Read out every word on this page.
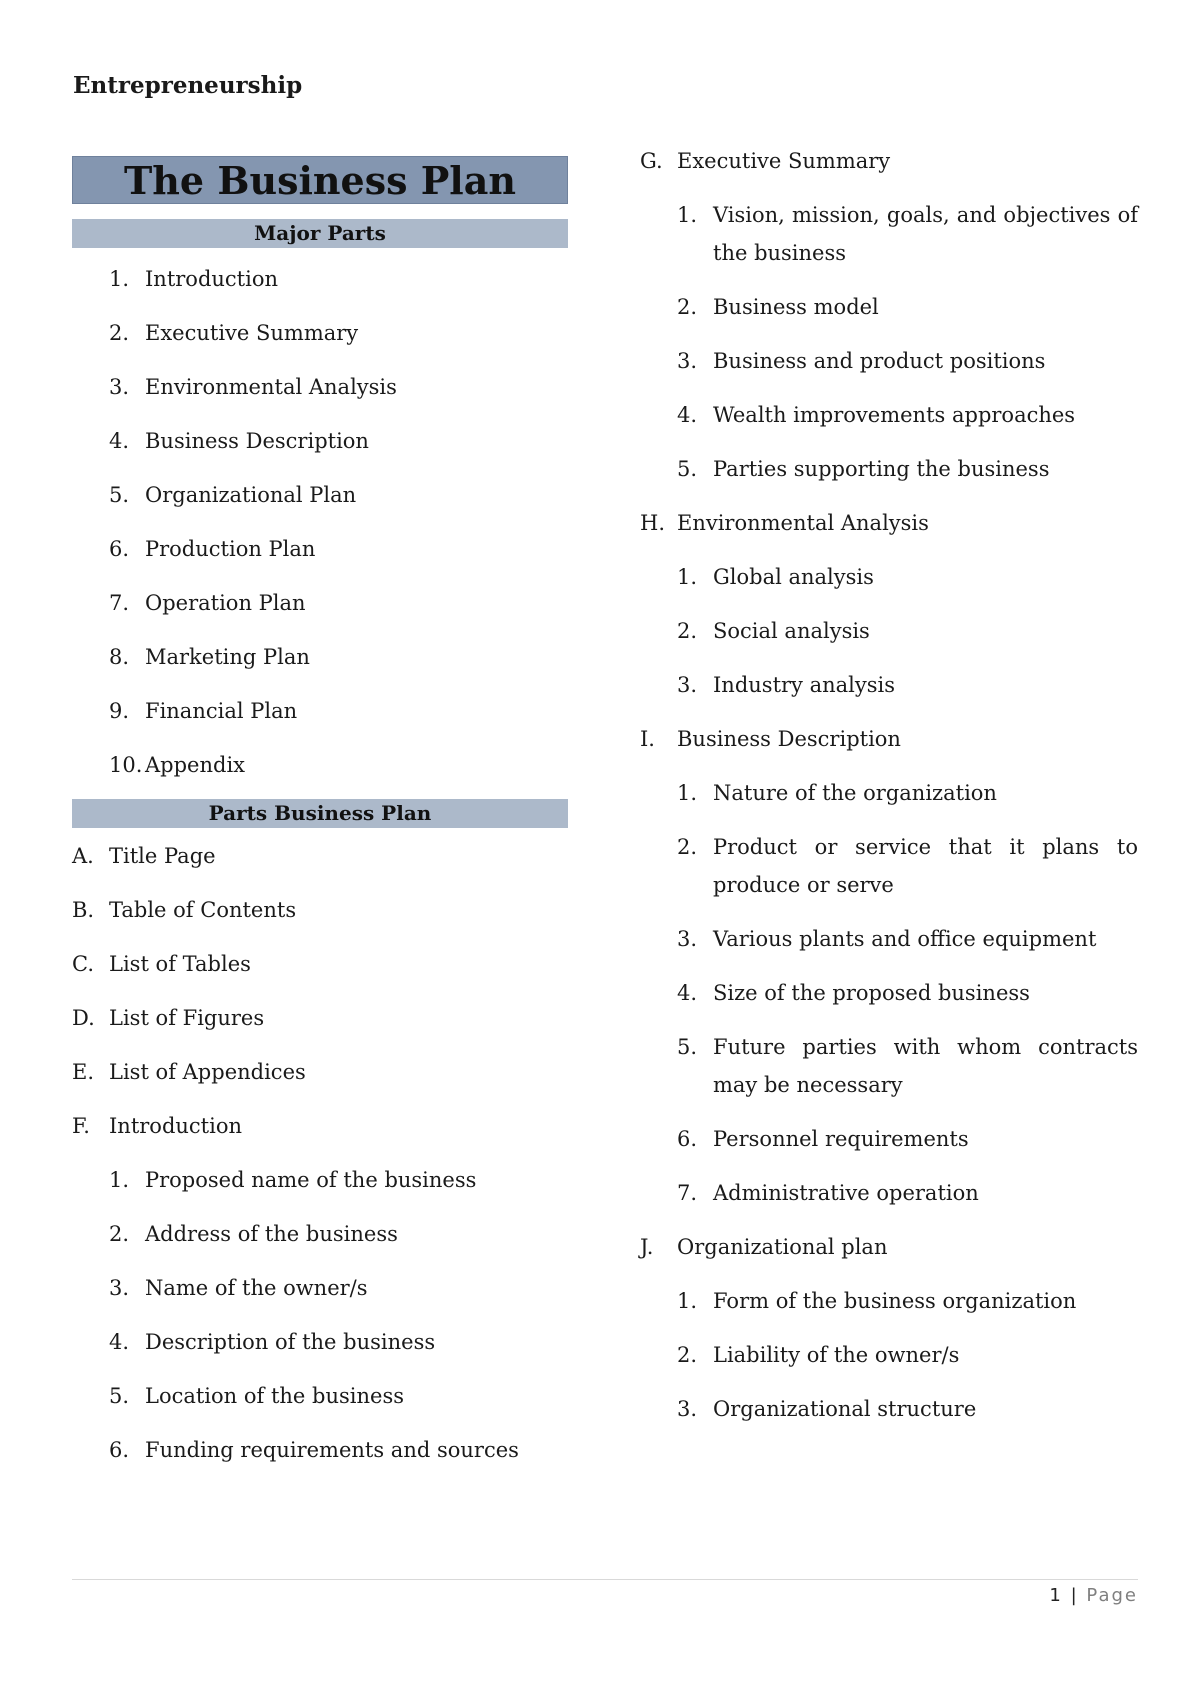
Entrepreneurship
The Business Plan
Major Parts
1. Introduction
2. Executive Summary
3. Environmental Analysis
4. Business Description
5. Organizational Plan
6. Production Plan
7. Operation Plan
8. Marketing Plan
9. Financial Plan
10. Appendix
Parts Business Plan
A. Title Page
B. Table of Contents
C. List of Tables
D. List of Figures
E. List of Appendices
F. Introduction
1. Proposed name of the business
2. Address of the business
3. Name of the owner/s
4. Description of the business
5. Location of the business
6. Funding requirements and sources
G. Executive Summary
1. Vision, mission, goals, and objectives of the business
2. Business model
3. Business and product positions
4. Wealth improvements approaches
5. Parties supporting the business
H. Environmental Analysis
1. Global analysis
2. Social analysis
3. Industry analysis
I. Business Description
1. Nature of the organization
2. Product or service that it plans to produce or serve
3. Various plants and office equipment
4. Size of the proposed business
5. Future parties with whom contracts may be necessary
6. Personnel requirements
7. Administrative operation
J. Organizational plan
1. Form of the business organization
2. Liability of the owner/s
3. Organizational structure
1 | Page
